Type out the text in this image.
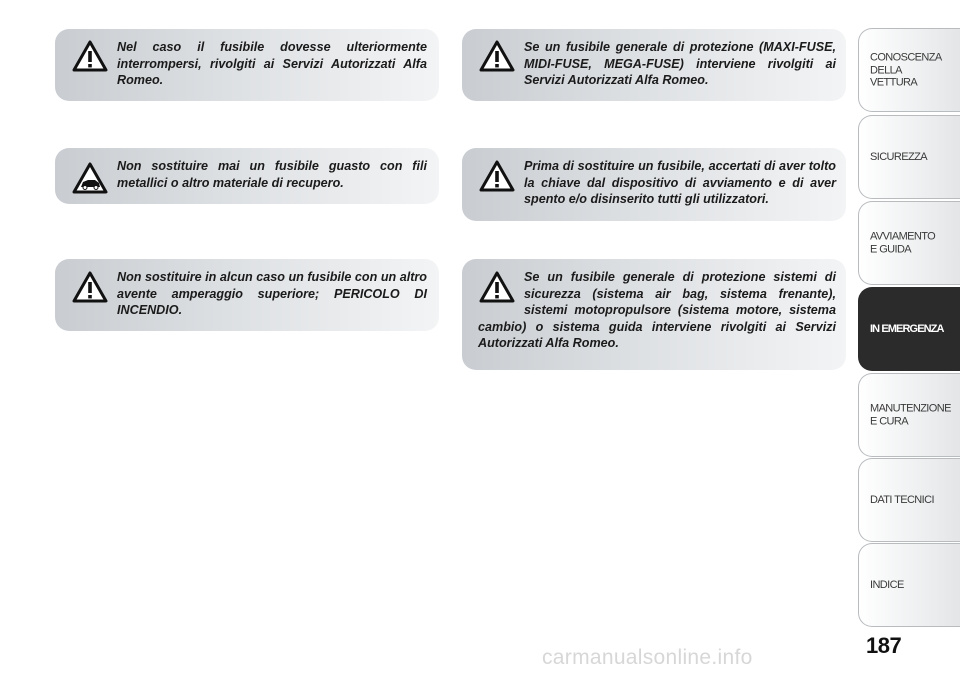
Nel caso il fusibile dovesse ulteriormente interrompersi, rivolgiti ai Servizi Autorizzati Alfa Romeo.

Non sostituire mai un fusibile guasto con fili metallici o altro materiale di recupero.

Non sostituire in alcun caso un fusibile con un altro avente amperaggio superiore; PERICOLO DI INCENDIO.

Se un fusibile generale di protezione (MAXI-FUSE, MIDI-FUSE, MEGA-FUSE) interviene rivolgiti ai Servizi Autorizzati Alfa Romeo.

Prima di sostituire un fusibile, accertati di aver tolto la chiave dal dispositivo di avviamento e di aver spento e/o disinserito tutti gli utilizzatori.

Se un fusibile generale di protezione sistemi di sicurezza (sistema air bag, sistema frenante), sistemi motopropulsore (sistema motore, sistema cambio) o sistema guida interviene rivolgiti ai Servizi Autorizzati Alfa Romeo.

CONOSCENZA
DELLA
VETTURA
SICUREZZA
AVVIAMENTO
E GUIDA
IN EMERGENZA
MANUTENZIONE
E CURA
DATI TECNICI
INDICE
187
carmanualsonline.info
